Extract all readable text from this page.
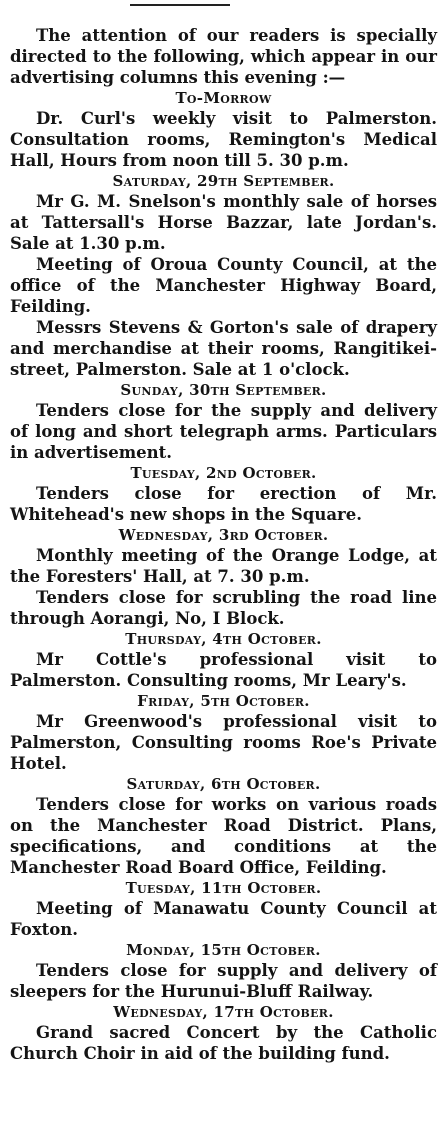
The attention of our readers is specially directed to the following, which appear in our advertising columns this evening :—

To-Morrow

Dr. Curl's weekly visit to Palmerston. Consultation rooms, Remington's Medical Hall, Hours from noon till 5. 30 p.m.

Saturday, 29th September.

Mr G. M. Snelson's monthly sale of horses at Tattersall's Horse Bazzar, late Jordan's. Sale at 1.30 p.m.

Meeting of Oroua County Council, at the office of the Manchester Highway Board, Feilding.

Messrs Stevens & Gorton's sale of drapery and merchandise at their rooms, Rangitikei-street, Palmerston. Sale at 1 o'clock.

Sunday, 30th September.

Tenders close for the supply and delivery of long and short telegraph arms. Particulars in advertisement.

Tuesday, 2nd October.

Tenders close for erection of Mr. Whitehead's new shops in the Square.

Wednesday, 3rd October.

Monthly meeting of the Orange Lodge, at the Foresters' Hall, at 7. 30 p.m.

Tenders close for scrubling the road line through Aorangi, No, I Block.

Thursday, 4th October.

Mr Cottle's professional visit to Palmerston. Consulting rooms, Mr Leary's.

Friday, 5th October.

Mr Greenwood's professional visit to Palmerston, Consulting rooms Roe's Private Hotel.

Saturday, 6th October.

Tenders close for works on various roads on the Manchester Road District. Plans, specifications, and conditions at the Manchester Road Board Office, Feilding.

Tuesday, 11th October.

Meeting of Manawatu County Council at Foxton.

Monday, 15th October.

Tenders close for supply and delivery of sleepers for the Hurunui-Bluff Railway.

Wednesday, 17th October.

Grand sacred Concert by the Catholic Church Choir in aid of the building fund.
